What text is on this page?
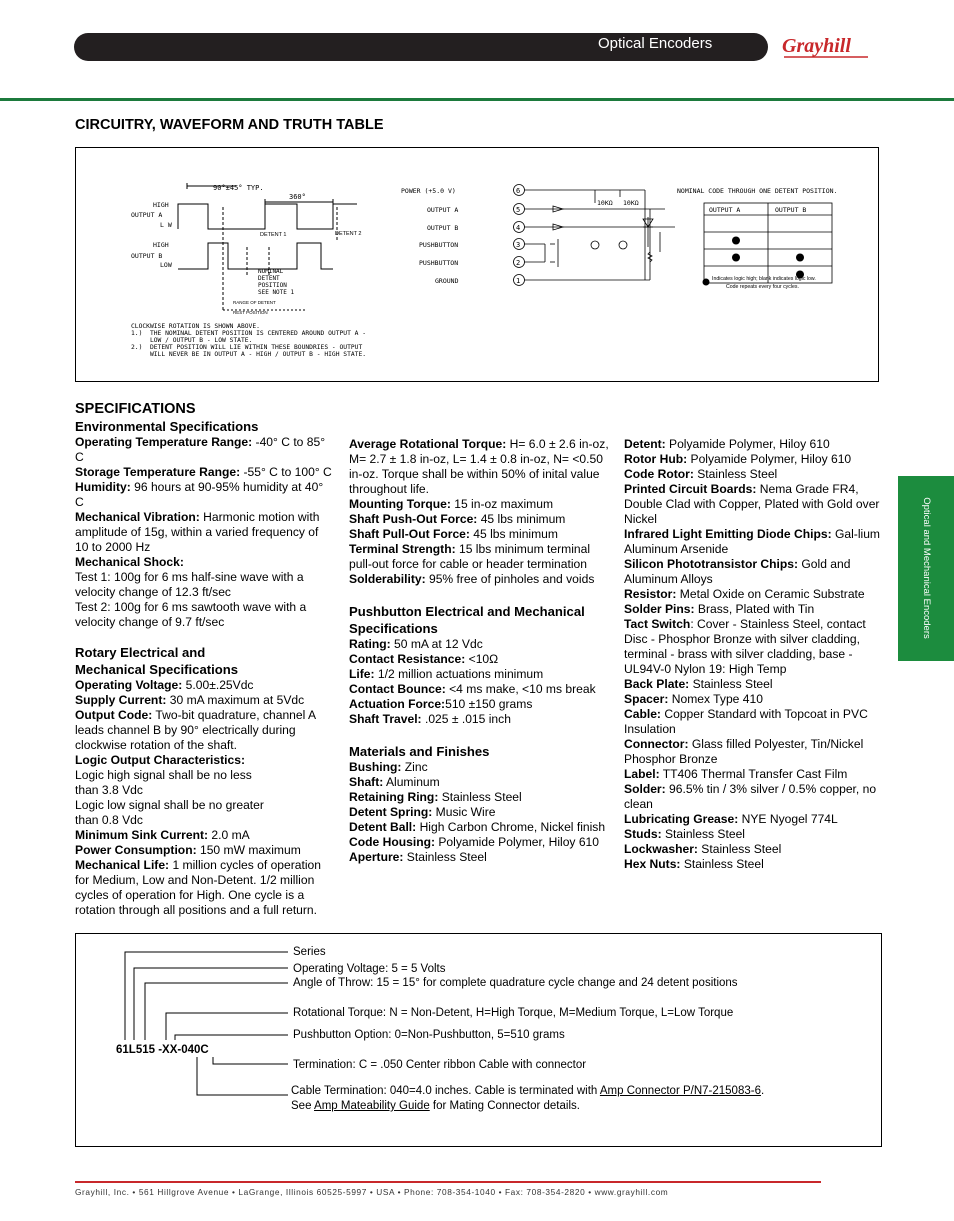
Optical Encoders	Grayhill
CIRCUITRY, WAVEFORM AND TRUTH TABLE
90°±45° TYP.
360°
HIGH
OUTPUT A
L W
HIGH
OUTPUT B
LOW
DETENT 1	DETENT 2
NOMINAL
DETENT
POSITION
SEE NOTE 1
RANGE OF DETENT
REST POSITION
CLOCKWISE ROTATION IS SHOWN ABOVE.
1.)  THE NOMINAL DETENT POSITION IS CENTERED AROUND OUTPUT A -
LOW / OUTPUT B - LOW STATE.
2.)  DETENT POSITION WILL LIE WITHIN THESE BOUNDRIES - OUTPUT
WILL NEVER BE IN OUTPUT A - HIGH / OUTPUT B - HIGH STATE.
POWER (+5.0 V)
OUTPUT A
OUTPUT B
PUSHBUTTON
PUSHBUTTON
GROUND
6
5
4
3
2
1
10KΩ 10KΩ
NOMINAL CODE THROUGH ONE DETENT POSITION.
OUTPUT A	OUTPUT B
Indicates logic high; blank indicates logic low.
Code repeats every four cycles.
SPECIFICATIONS
Environmental Specifications
Operating Temperature Range: -40° C to 85° C
Storage Temperature Range: -55° C to 100° C
Humidity: 96 hours at 90-95% humidity at 40° C
Mechanical Vibration: Harmonic motion with amplitude of 15g, within a varied frequency of 10 to 2000 Hz
Mechanical Shock:
Test 1: 100g for 6 ms half-sine wave with a velocity change of 12.3 ft/sec
Test 2: 100g for 6 ms sawtooth wave with a velocity change of 9.7 ft/sec
Rotary Electrical and
Mechanical Specifications
Operating Voltage: 5.00±.25Vdc
Supply Current: 30 mA maximum at 5Vdc
Output Code: Two-bit quadrature, channel A leads channel B by 90° electrically during clockwise rotation of the shaft.
Logic Output Characteristics:
Logic high signal shall be no less
than 3.8 Vdc
Logic low signal shall be no greater
than 0.8 Vdc
Minimum Sink Current: 2.0 mA
Power Consumption: 150 mW maximum
Mechanical Life: 1 million cycles of operation for Medium, Low and Non-Detent. 1/2 million cycles of operation for High. One cycle is a rotation through all positions and a full return.
Average Rotational Torque: H= 6.0 ± 2.6 in-oz, M= 2.7 ± 1.8 in-oz, L= 1.4 ± 0.8 in-oz, N= <0.50 in-oz. Torque shall be within 50% of inital value throughout life.
Mounting Torque: 15 in-oz maximum
Shaft Push-Out Force: 45 lbs minimum
Shaft Pull-Out Force: 45 lbs minimum
Terminal Strength: 15 lbs minimum terminal pull-out force for cable or header termination
Solderability: 95% free of pinholes and voids
Pushbutton Electrical and Mechanical
Specifications
Rating: 50 mA at 12 Vdc
Contact Resistance: <10Ω
Life: 1/2 million actuations minimum
Contact Bounce: <4 ms make, <10 ms break
Actuation Force:510 ±150 grams
Shaft Travel: .025 ± .015 inch
Materials and Finishes
Bushing: Zinc
Shaft: Aluminum
Retaining Ring: Stainless Steel
Detent Spring: Music Wire
Detent Ball: High Carbon Chrome, Nickel finish
Code Housing: Polyamide Polymer, Hiloy 610
Aperture: Stainless Steel
Detent: Polyamide Polymer, Hiloy 610
Rotor Hub: Polyamide Polymer, Hiloy 610
Code Rotor: Stainless Steel
Printed Circuit Boards: Nema Grade FR4, Double Clad with Copper, Plated with Gold over Nickel
Infrared Light Emitting Diode Chips: Gal-lium Aluminum Arsenide
Silicon Phototransistor Chips: Gold and Aluminum Alloys
Resistor: Metal Oxide on Ceramic Substrate
Solder Pins: Brass, Plated with Tin
Tact Switch: Cover - Stainless Steel, contact Disc - Phosphor Bronze with silver cladding, terminal - brass with silver cladding, base - UL94V-0 Nylon 19: High Temp
Back Plate: Stainless Steel
Spacer: Nomex Type 410
Cable: Copper Standard with Topcoat in PVC Insulation
Connector: Glass filled Polyester, Tin/Nickel Phosphor Bronze
Label: TT406 Thermal Transfer Cast Film
Solder: 96.5% tin / 3% silver / 0.5% copper, no clean
Lubricating Grease: NYE Nyogel 774L
Studs: Stainless Steel
Lockwasher: Stainless Steel
Hex Nuts: Stainless Steel
Optical and Mechanical Encoders
Series
Operating Voltage: 5 = 5 Volts
Angle of Throw: 15 = 15° for complete quadrature cycle change and 24 detent positions
Rotational Torque: N = Non-Detent, H=High Torque, M=Medium Torque, L=Low Torque
Pushbutton Option: 0=Non-Pushbutton, 5=510 grams
61L515 -XX-040C
Termination: C = .050 Center ribbon Cable with connector
Cable Termination: 040=4.0 inches. Cable is terminated with Amp Connector P/N7-215083-6.
See Amp Mateability Guide for Mating Connector details.
Grayhill, Inc. • 561 Hillgrove Avenue • LaGrange, Illinois 60525-5997 • USA • Phone: 708-354-1040 • Fax: 708-354-2820 • www.grayhill.com
